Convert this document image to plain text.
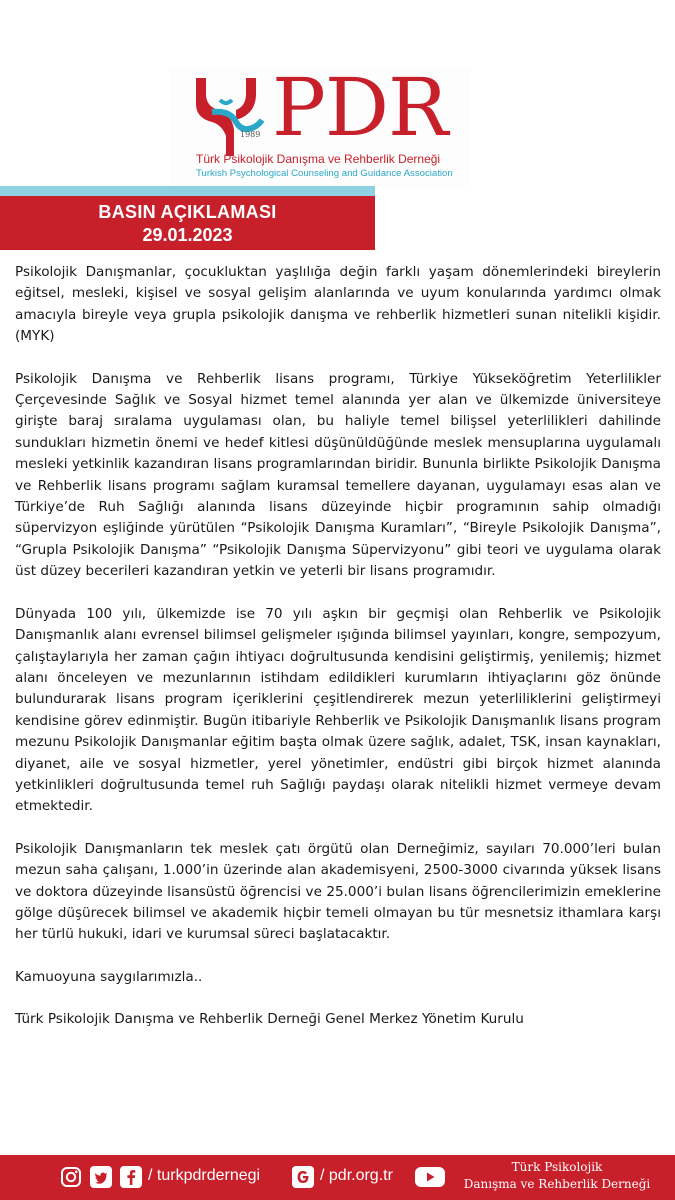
PDR
1989
Türk Psikolojik Danışma ve Rehberlik Derneği
Turkish Psychological Counseling and Guidance Association
BASIN AÇIKLAMASI
29.01.2023

Psikolojik Danışmanlar, çocukluktan yaşlılığa değin farklı yaşam dönemlerindeki bireylerin eğitsel, mesleki, kişisel ve sosyal gelişim alanlarında ve uyum konularında yardımcı olmak amacıyla bireyle veya grupla psikolojik danışma ve rehberlik hizmetleri sunan nitelikli kişidir. (MYK)

Psikolojik Danışma ve Rehberlik lisans programı, Türkiye Yükseköğretim Yeterlilikler Çerçevesinde Sağlık ve Sosyal hizmet temel alanında yer alan ve ülkemizde üniversiteye girişte baraj sıralama uygulaması olan, bu haliyle temel bilişsel yeterlilikleri dahilinde sundukları hizmetin önemi ve hedef kitlesi düşünüldüğünde meslek mensuplarına uygulamalı mesleki yetkinlik kazandıran lisans programlarından biridir. Bununla birlikte Psikolojik Danışma ve Rehberlik lisans programı sağlam kuramsal temellere dayanan, uygulamayı esas alan ve Türkiye’de Ruh Sağlığı alanında lisans düzeyinde hiçbir programının sahip olmadığı süpervizyon eşliğinde yürütülen “Psikolojik Danışma Kuramları”, “Bireyle Psikolojik Danışma”, “Grupla Psikolojik Danışma” “Psikolojik Danışma Süpervizyonu” gibi teori ve uygulama olarak üst düzey becerileri kazandıran yetkin ve yeterli bir lisans programıdır.

Dünyada 100 yılı, ülkemizde ise 70 yılı aşkın bir geçmişi olan Rehberlik ve Psikolojik Danışmanlık alanı evrensel bilimsel gelişmeler ışığında bilimsel yayınları, kongre, sempozyum, çalıştaylarıyla her zaman çağın ihtiyacı doğrultusunda kendisini geliştirmiş, yenilemiş; hizmet alanı önceleyen ve mezunlarının istihdam edildikleri kurumların ihtiyaçlarını göz önünde bulundurarak lisans program içeriklerini çeşitlendirerek mezun yeterliliklerini geliştirmeyi kendisine görev edinmiştir. Bugün itibariyle Rehberlik ve Psikolojik Danışmanlık lisans program mezunu Psikolojik Danışmanlar eğitim başta olmak üzere sağlık, adalet, TSK, insan kaynakları, diyanet, aile ve sosyal hizmetler, yerel yönetimler, endüstri gibi birçok hizmet alanında yetkinlikleri doğrultusunda temel ruh Sağlığı paydaşı olarak nitelikli hizmet vermeye devam etmektedir.

Psikolojik Danışmanların tek meslek çatı örgütü olan Derneğimiz, sayıları 70.000’leri bulan mezun saha çalışanı, 1.000’in üzerinde alan akademisyeni, 2500-3000 civarında yüksek lisans ve doktora düzeyinde lisansüstü öğrencisi ve 25.000’i bulan lisans öğrencilerimizin emeklerine gölge düşürecek bilimsel ve akademik hiçbir temeli olmayan bu tür mesnetsiz ithamlara karşı her türlü hukuki, idari ve kurumsal süreci başlatacaktır.

Kamuoyuna saygılarımızla..

Türk Psikolojik Danışma ve Rehberlik Derneği Genel Merkez Yönetim Kurulu

/ turkpdrdernegi	/ pdr.org.tr	Türk Psikolojik
Danışma ve Rehberlik Derneği
